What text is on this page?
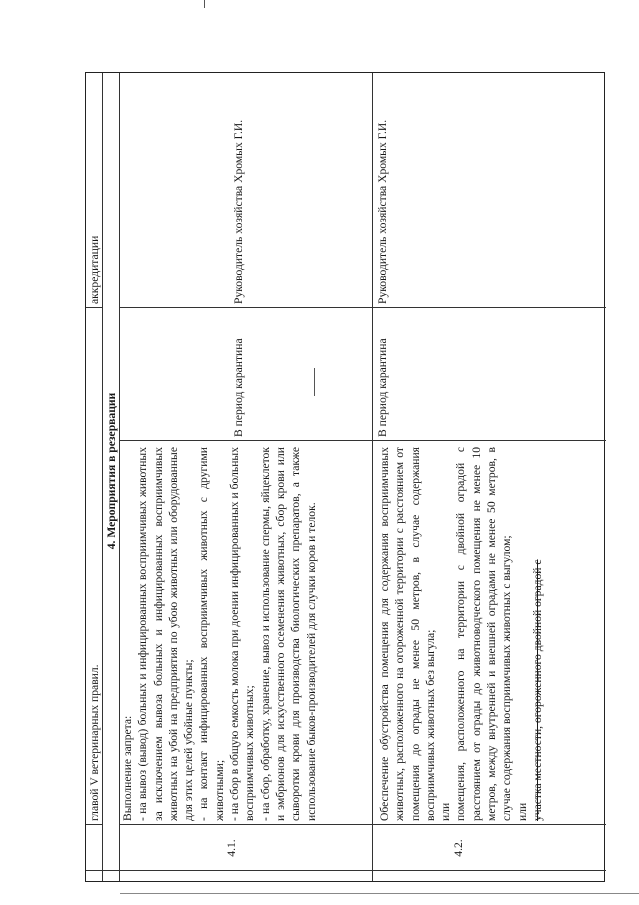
главой V ветеринарных правил.
аккредитации
4. Мероприятия в резервации
4.1.

Выполнение запрета: - на вывоз (вывод) больных и инфицированных восприимчивых животных за исключением вывоза больных и инфицированных восприимчивых животных на убой на предприятия по убою животных или оборудованные для этих целей убойные пункты; - на контакт инфицированных восприимчивых животных с другими животными; - на сбор в общую емкость молока при доении инфицированных и больных восприимчивых животных; - на сбор, обработку, хранение, вывоз и использование спермы, яйцеклеток и эмбрионов для искусственного осеменения животных, сбор крови или сыворотки крови для производства биологических препаратов, а также использование быков-производителей для случки коров и телок.

В период карантина
Руководитель хозяйства Хромых Г.И.
4.2.

Обеспечение обустройства помещения для содержания восприимчивых животных, расположенного на огороженной территории с расстоянием от помещения до ограды не менее 50 метров, в случае содержания восприимчивых животных без выгула; или помещения, расположенного на территории с двойной оградой с расстоянием от ограды до животноводческого помещения не менее 10 метров, между внутренней и внешней оградами не менее 50 метров, в случае содержания восприимчивых животных с выгулом; или участка местности, огороженного двойной оградой с

В период карантина
Руководитель хозяйства Хромых Г.И.
